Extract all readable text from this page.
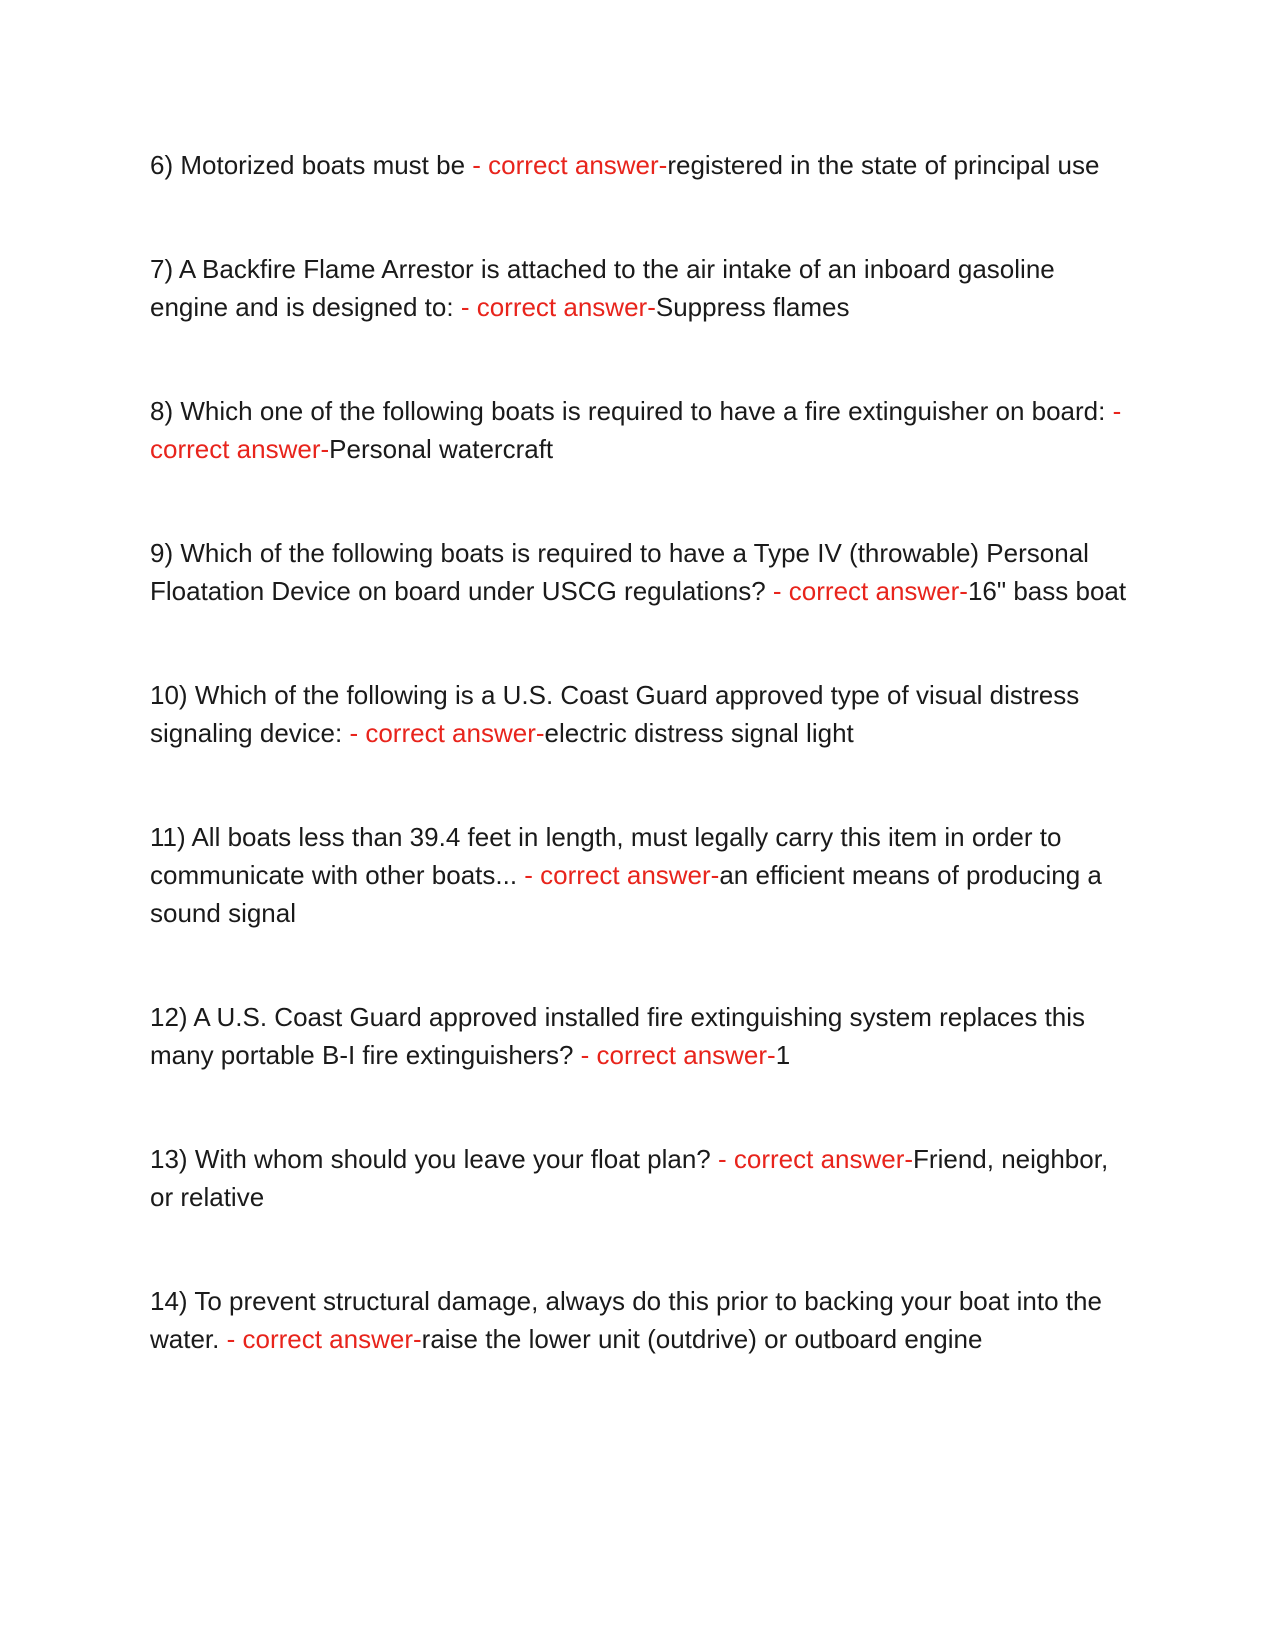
6) Motorized boats must be - correct answer-registered in the state of principal use
7) A Backfire Flame Arrestor is attached to the air intake of an inboard gasoline engine and is designed to: - correct answer-Suppress flames
8) Which one of the following boats is required to have a fire extinguisher on board: - correct answer-Personal watercraft
9) Which of the following boats is required to have a Type IV (throwable) Personal Floatation Device on board under USCG regulations? - correct answer-16" bass boat
10) Which of the following is a U.S. Coast Guard approved type of visual distress signaling device: - correct answer-electric distress signal light
11) All boats less than 39.4 feet in length, must legally carry this item in order to communicate with other boats... - correct answer-an efficient means of producing a sound signal
12) A U.S. Coast Guard approved installed fire extinguishing system replaces this many portable B-I fire extinguishers? - correct answer-1
13) With whom should you leave your float plan? - correct answer-Friend, neighbor, or relative
14) To prevent structural damage, always do this prior to backing your boat into the water. - correct answer-raise the lower unit (outdrive) or outboard engine
